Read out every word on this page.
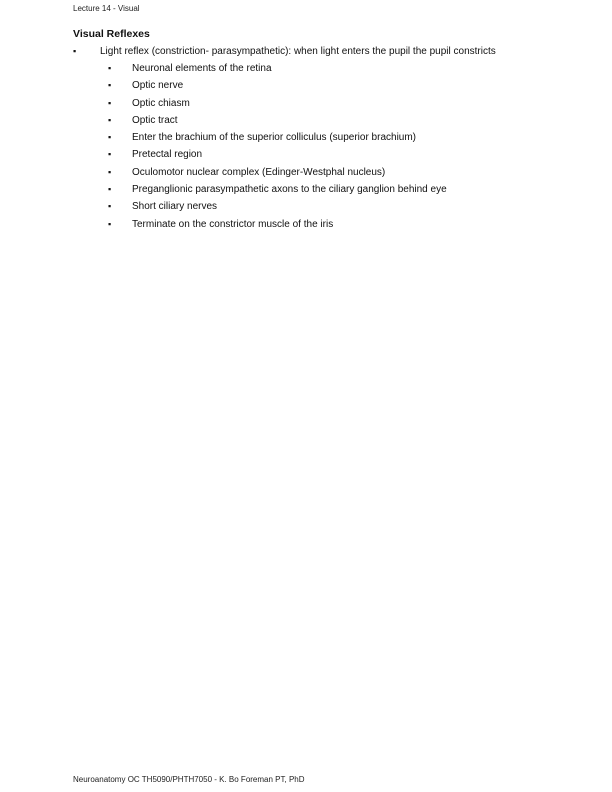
Lecture 14 - Visual
Visual Reflexes
▪ Light reflex (constriction- parasympathetic): when light enters the pupil the pupil constricts
▪ Neuronal elements of the retina
▪ Optic nerve
▪ Optic chiasm
▪ Optic tract
▪ Enter the brachium of the superior colliculus (superior brachium)
▪ Pretectal region
▪ Oculomotor nuclear complex (Edinger-Westphal nucleus)
▪ Preganglionic parasympathetic axons to the ciliary ganglion behind eye
▪ Short ciliary nerves
▪ Terminate on the constrictor muscle of the iris
Neuroanatomy OC TH5090/PHTH7050 - K. Bo Foreman PT, PhD
